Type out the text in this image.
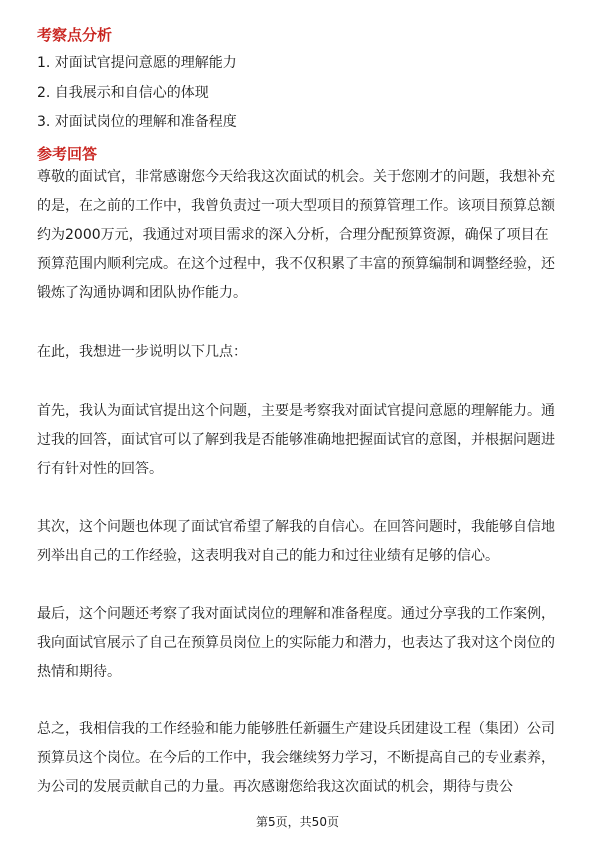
考察点分析
1. 对面试官提问意愿的理解能力
2. 自我展示和自信心的体现
3. 对面试岗位的理解和准备程度
参考回答

尊敬的面试官，非常感谢您今天给我这次面试的机会。关于您刚才的问题，我想补充的是，在之前的工作中，我曾负责过一项大型项目的预算管理工作。该项目预算总额约为2000万元，我通过对项目需求的深入分析，合理分配预算资源，确保了项目在预算范围内顺利完成。在这个过程中，我不仅积累了丰富的预算编制和调整经验，还锻炼了沟通协调和团队协作能力。

在此，我想进一步说明以下几点：

首先，我认为面试官提出这个问题，主要是考察我对面试官提问意愿的理解能力。通过我的回答，面试官可以了解到我是否能够准确地把握面试官的意图，并根据问题进行有针对性的回答。

其次，这个问题也体现了面试官希望了解我的自信心。在回答问题时，我能够自信地列举出自己的工作经验，这表明我对自己的能力和过往业绩有足够的信心。

最后，这个问题还考察了我对面试岗位的理解和准备程度。通过分享我的工作案例，我向面试官展示了自己在预算员岗位上的实际能力和潜力，也表达了我对这个岗位的热情和期待。

总之，我相信我的工作经验和能力能够胜任新疆生产建设兵团建设工程（集团）公司预算员这个岗位。在今后的工作中，我会继续努力学习，不断提高自己的专业素养，为公司的发展贡献自己的力量。再次感谢您给我这次面试的机会，期待与贵公

第5页，共50页
